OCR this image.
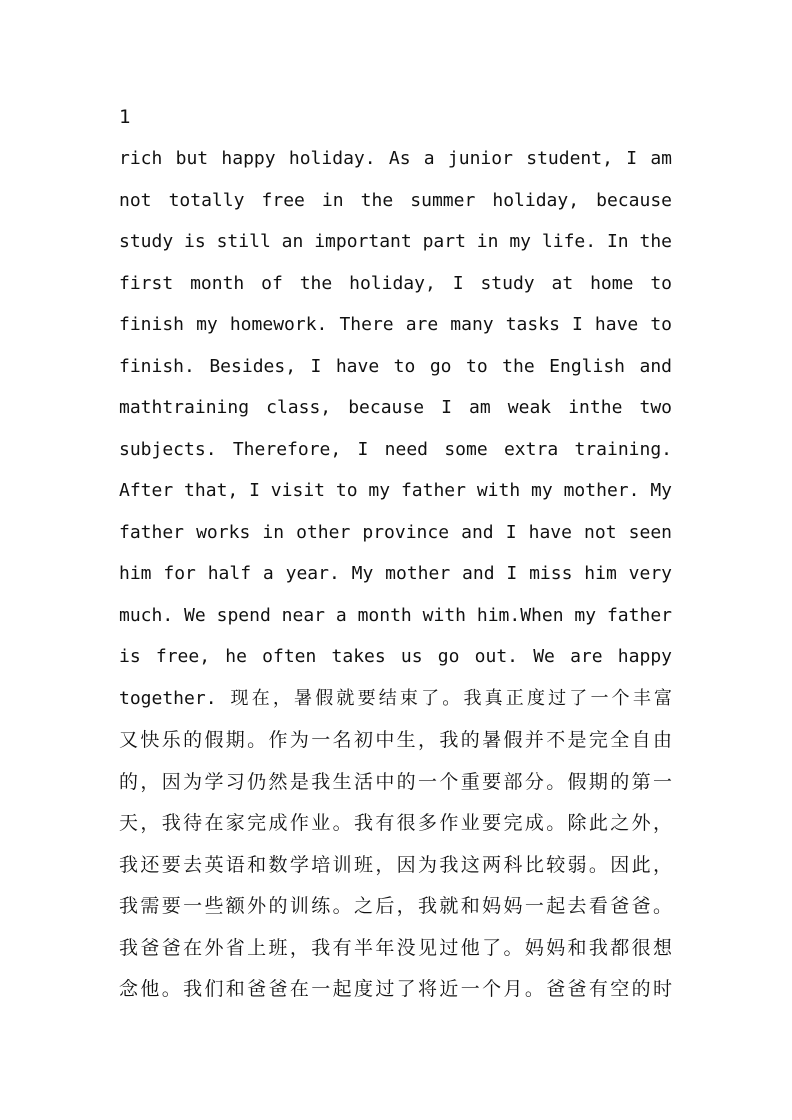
1
rich but happy holiday. As a junior student, I am
not totally free in the summer holiday, because
study is still an important part in my life. In the
first month of the holiday, I study at home to
finish my homework. There are many tasks I have to
finish. Besides, I have to go to the English and
mathtraining class, because I am weak inthe two
subjects. Therefore, I need some extra training.
After that, I visit to my father with my mother. My
father works in other province and I have not seen
him for half a year. My mother and I miss him very
much. We spend near a month with him.When my father
is free, he often takes us go out. We are happy
together. 现在，暑假就要结束了。我真正度过了一个丰富
又快乐的假期。作为一名初中生，我的暑假并不是完全自由
的，因为学习仍然是我生活中的一个重要部分。假期的第一
天，我待在家完成作业。我有很多作业要完成。除此之外，
我还要去英语和数学培训班，因为我这两科比较弱。因此，
我需要一些额外的训练。之后，我就和妈妈一起去看爸爸。
我爸爸在外省上班，我有半年没见过他了。妈妈和我都很想
念他。我们和爸爸在一起度过了将近一个月。爸爸有空的时
